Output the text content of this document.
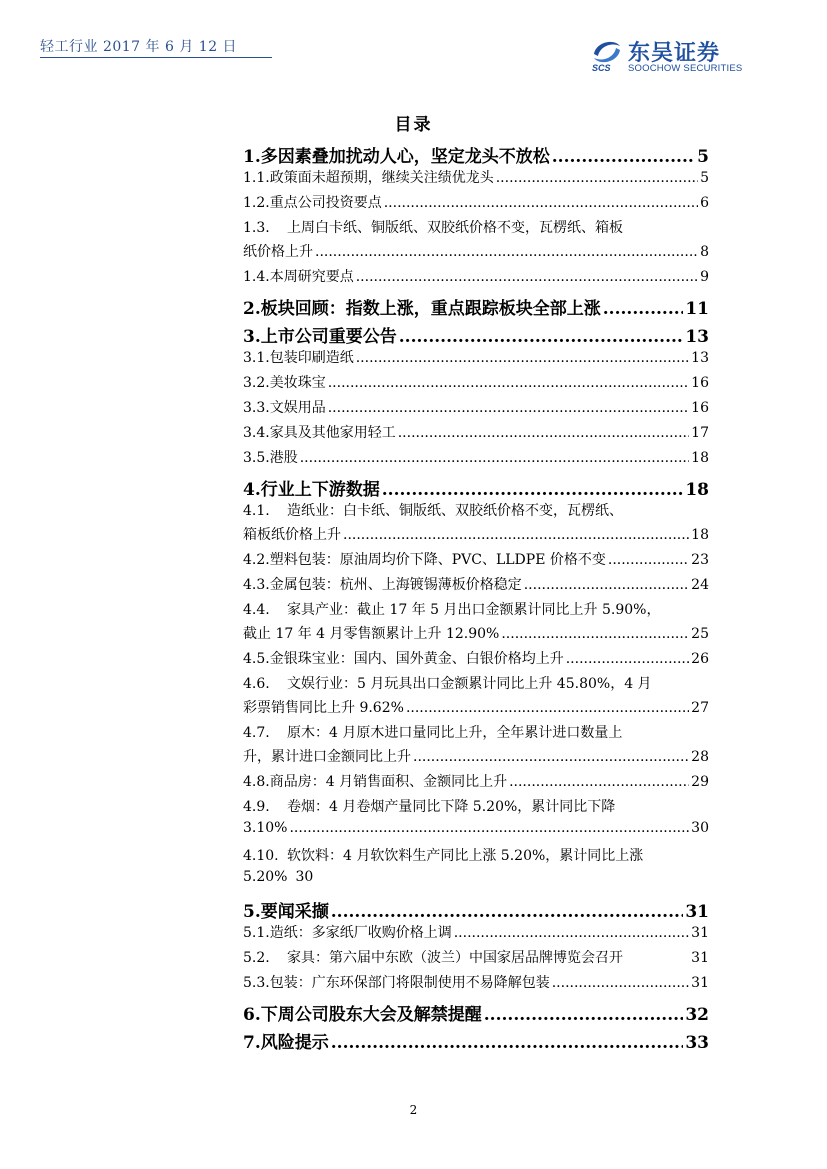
轻工行业 2017 年 6 月 12 日
SCS
东吴证券
SOOCHOW SECURITIES
目录
1. 多因素叠加扰动人心，坚定龙头不放松 .....	5
1.1. 政策面未超预期，继续关注绩优龙头 .....	5
1.2. 重点公司投资要点 .....	6
1.3.	上周白卡纸、铜版纸、双胶纸价格不变，瓦楞纸、箱板
纸价格上升 .....	8
1.4. 本周研究要点 .....	9
2. 板块回顾：指数上涨，重点跟踪板块全部上涨 .....	11
3. 上市公司重要公告 .....	13
3.1. 包装印刷造纸 .....	13
3.2. 美妆珠宝 .....	16
3.3. 文娱用品 .....	16
3.4. 家具及其他家用轻工 .....	17
3.5. 港股 .....	18
4. 行业上下游数据 .....	18
4.1.	造纸业：白卡纸、铜版纸、双胶纸价格不变，瓦楞纸、
箱板纸价格上升 .....	18
4.2. 塑料包装：原油周均价下降、PVC、LLDPE 价格不变 .....	23
4.3. 金属包装：杭州、上海镀锡薄板价格稳定 .....	24
4.4.	家具产业：截止 17 年 5 月出口金额累计同比上升 5.90%，
截止 17 年 4 月零售额累计上升 12.90% .....	25
4.5. 金银珠宝业：国内、国外黄金、白银价格均上升 .....	26
4.6.	文娱行业：5 月玩具出口金额累计同比上升 45.80%，4 月
彩票销售同比上升 9.62% .....	27
4.7.	原木：4 月原木进口量同比上升，全年累计进口数量上
升，累计进口金额同比上升 .....	28
4.8. 商品房：4 月销售面积、金额同比上升 .....	29
4.9.	卷烟：4 月卷烟产量同比下降 5.20%，累计同比下降
3.10% .....	30
4.10. 软饮料：4 月软饮料生产同比上涨 5.20%，累计同比上涨
5.20% 30
5. 要闻采撷 .....	31
5.1. 造纸：多家纸厂收购价格上调 .....	31
5.2.	家具：第六届中东欧（波兰）中国家居品牌博览会召开	31
5.3. 包装：广东环保部门将限制使用不易降解包装 .....	31
6. 下周公司股东大会及解禁提醒 .....	32
7. 风险提示 .....	33
2
